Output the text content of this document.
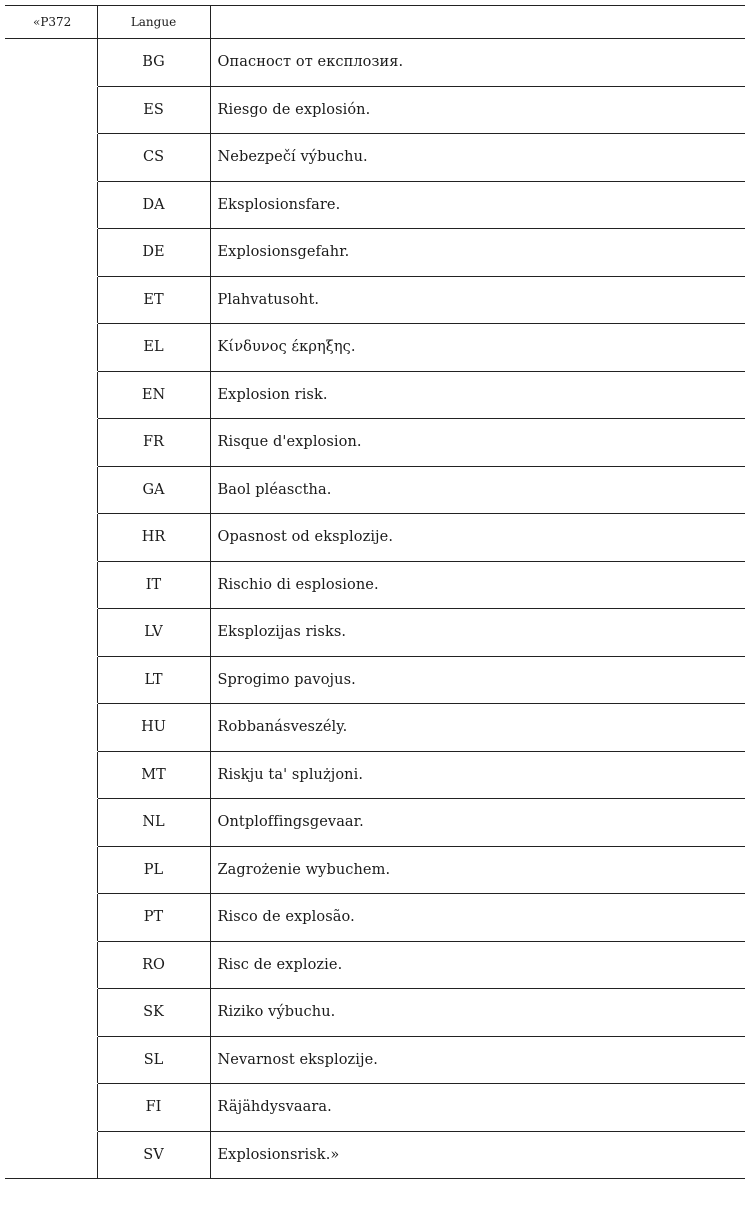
«P372	Langue	
	BG	Опасност от експлозия.
	ES	Riesgo de explosión.
	CS	Nebezpečí výbuchu.
	DA	Eksplosionsfare.
	DE	Explosionsgefahr.
	ET	Plahvatusoht.
	EL	Κίνδυνος έκρηξης.
	EN	Explosion risk.
	FR	Risque d'explosion.
	GA	Baol pléasctha.
	HR	Opasnost od eksplozije.
	IT	Rischio di esplosione.
	LV	Eksplozijas risks.
	LT	Sprogimo pavojus.
	HU	Robbanásveszély.
	MT	Riskju ta' splużjoni.
	NL	Ontploffingsgevaar.
	PL	Zagrożenie wybuchem.
	PT	Risco de explosão.
	RO	Risc de explozie.
	SK	Riziko výbuchu.
	SL	Nevarnost eksplozije.
	FI	Räjähdysvaara.
	SV	Explosionsrisk.»
